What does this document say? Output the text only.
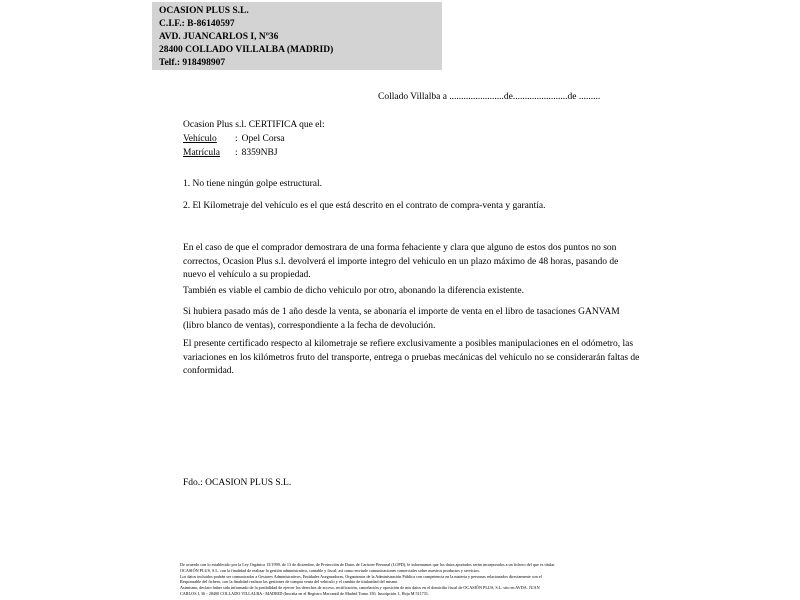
OCASION PLUS S.L.
C.I.F.: B-86140597
AVD. JUANCARLOS I, Nº36
28400 COLLADO VILLALBA (MADRID)
Telf.: 918498907
Collado Villalba a .......................de.......................de .........
Ocasion Plus s.l. CERTIFICA que el:
Vehículo : Opel Corsa
Matrícula : 8359NBJ
1. No tiene ningún golpe estructural.
2. El Kilometraje del vehículo es el que está descrito en el contrato de compra-venta y garantía.
En el caso de que el comprador demostrara de una forma fehaciente y clara que alguno de estos dos puntos no son correctos, Ocasion Plus s.l. devolverá el importe integro del vehiculo en un plazo máximo de 48 horas, pasando de nuevo el vehículo a su propiedad.
También es viable el cambio de dicho vehiculo por otro, abonando la diferencia existente.
Si hubiera pasado más de 1 año desde la venta, se abonaría el importe de venta en el libro de tasaciones GANVAM (libro blanco de ventas), correspondiente a la fecha de devolución.
El presente certificado respecto al kilometraje se refiere exclusivamente a posibles manipulaciones en el odómetro, las variaciones en los kilómetros fruto del transporte, entrega o pruebas mecánicas del vehiculo no se considerarán faltas de conformidad.
Fdo.: OCASION PLUS S.L.
De acuerdo con lo establecido por la Ley Orgánica 15/1999, de 13 de diciembre, de Protección de Datos de Carácter Personal (LOPD), le informamos que los datos aportados serán incorporados a un fichero del que es titular
OCASIÓN PLUS, S.L. con la finalidad de realizar la gestión administrativa, contable y fiscal, así como enviarle comunicaciones comerciales sobre nuestros productos y servicios.
Los datos incluidos podrán ser comunicados a Gestores Administrativos, Entidades Aseguradoras, Organismos de la Administración Pública con competencia en la materia y personas relacionados directamente con el
Responsable del fichero, con la finalidad realizar las gestiones de compra venta del vehículo y el cambio de titularidad del mismo.
Asimismo, declaro haber sido informado de la posibilidad de ejercer los derechos de acceso, rectificación, cancelación y oposición de mis datos en el domicilio fiscal de OCASIÓN PLUS, S.L. sito en AVDA. JUAN
CARLOS I, 36 - 28400 COLLADO VILLALBA - MADRID (Inscrita en el Registro Mercantil de Madrid Tomo 150, Inscripción 1, Hoja M 511731.
